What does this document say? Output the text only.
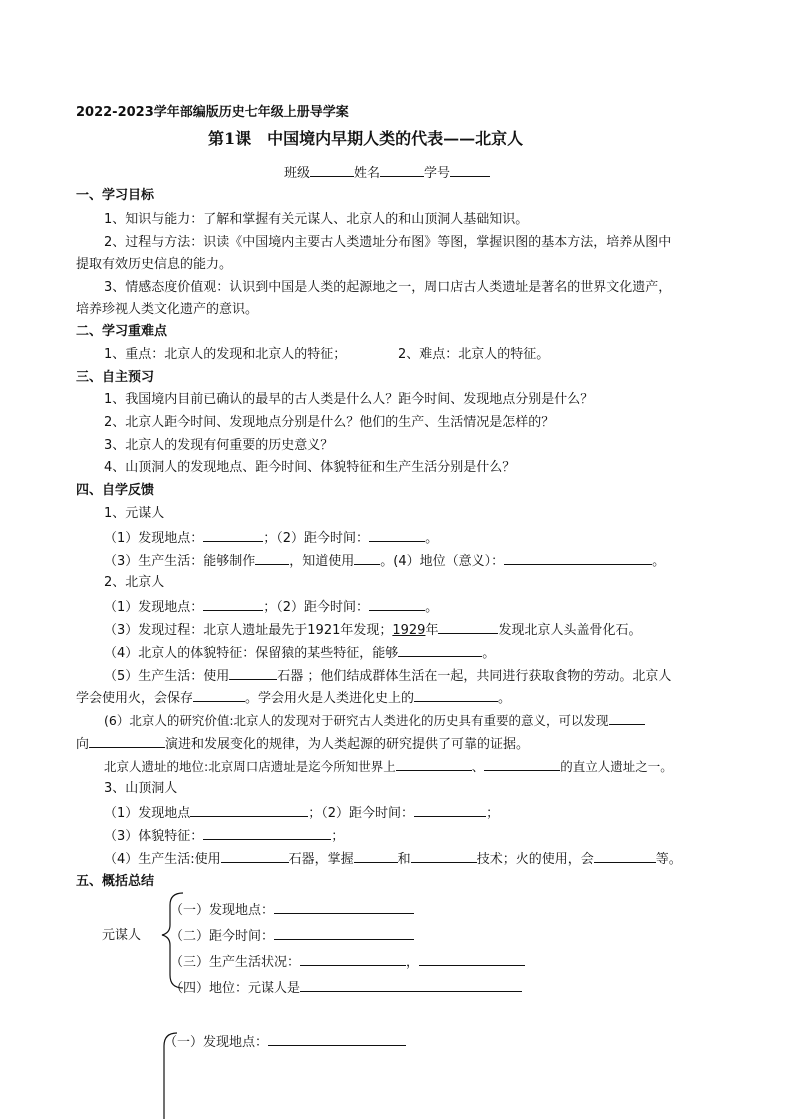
2022-2023学年部编版历史七年级上册导学案
第1课　中国境内早期人类的代表——北京人
班级	姓名	学号
一、学习目标
1、知识与能力：了解和掌握有关元谋人、北京人的和山顶洞人基础知识。
2、过程与方法：识读《中国境内主要古人类遗址分布图》等图，掌握识图的基本方法，培养从图中
提取有效历史信息的能力。
3、情感态度价值观：认识到中国是人类的起源地之一，周口店古人类遗址是著名的世界文化遗产，
培养珍视人类文化遗产的意识。
二、学习重难点
1、重点：北京人的发现和北京人的特征；	2、难点：北京人的特征。
三、自主预习
1、我国境内目前已确认的最早的古人类是什么人？距今时间、发现地点分别是什么？
2、北京人距今时间、发现地点分别是什么？他们的生产、生活情况是怎样的？
3、北京人的发现有何重要的历史意义？
4、山顶洞人的发现地点、距今时间、体貌特征和生产生活分别是什么？
四、自学反馈
1、元谋人
（1）发现地点：	；（2）距今时间：	。
（3）生产生活：能够制作	，知道使用 。(4）地位（意义）：	。
2、北京人
（1）发现地点：	；（2）距今时间：	。
（3）发现过程：北京人遗址最先于1921年发现；1929年	发现北京人头盖骨化石。
（4）北京人的体貌特征：保留猿的某些特征，能够	。
（5）生产生活：使用	石器 ；他们结成群体生活在一起，共同进行获取食物的劳动。北京人
学会使用火，会保存	。学会用火是人类进化史上的	。
(6）北京人的研究价值:北京人的发现对于研究古人类进化的历史具有重要的意义，可以发现
向	演进和发展变化的规律，为人类起源的研究提供了可靠的证据。
北京人遗址的地位:北京周口店遗址是迄今所知世界上	、	的直立人遗址之一。
3、山顶洞人
（1）发现地点	；（2）距今时间：	；
（3）体貌特征：	；
（4）生产生活:使用	石器，掌握	和	技术；火的使用，会	等。
五、概括总结
元谋人
（一）发现地点：
（二）距今时间：
（三）生产生活状况：	，
（四）地位：元谋人是
（一）发现地点：
